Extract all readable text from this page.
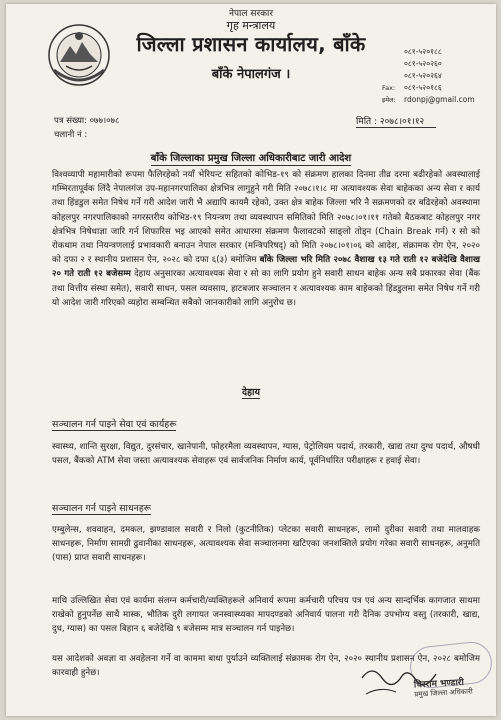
नेपाल सरकार
गृह मन्त्रालय
जिल्ला प्रशासन कार्यालय, बाँके
बाँके नेपालगंज ।
०८१-५२०१८८
०८१-५२०२६०
०८१-५२०२६४
Fax:	०८१-५२०१८६
इमेल:	rdonpj@gmail.com
पत्र संख्या: ०७७।०७८
चलानी नं :
मिति : २०७८।०१।१२
बाँके जिल्लाका प्रमुख जिल्ला अधिकारीबाट जारी आदेश
विश्वव्यापी महामारीको रूपमा फैलिरहेको नयाँ भेरियन्ट सहितको कोभिड-१९ को संक्रमण हालका दिनमा तीव्र दरमा बढीरहेको अवस्थालाई गम्भिरतापूर्वक लिंदै नेपालगंज उप-महानगरपालिका क्षेत्रभित्र लागुहुने गरी मिति २०७८।१।८ मा अत्यावश्यक सेवा बाहेकका अन्य सेवा र कार्य तथा हिंडडुल समेत निषेध गर्ने गरी आदेश जारी भै अद्यापि कायमै रहेको, उक्त क्षेत्र बाहेक जिल्ला भरि नै सक्रमणको दर बढिरहेको अवस्थामा कोहलपुर नगरपालिकाको नगरस्तरीय कोभिड-१९ नियन्त्रण तथा व्यवस्थापन समितिको मिति २०७८।०१।११ गतेको बैठकबाट कोहलपुर नगर क्षेत्रभित्र निषेधाज्ञा जारि गर्न शिफारिस भइ आएको समेत आधारमा संक्रमण फैलावटको साङ्लो तोड्न (Chain Break गर्न) र सो को रोकथाम तथा नियन्त्रणलाई प्रभावकारी बनाउन नेपाल सरकार (मन्त्रिपरिषद्) को मिति २०७८।०१।०६ को आदेश, संक्रामक रोग ऐन, २०२० को दफा २ र स्थानीय प्रशासन ऐन, २०२८ को दफा ६(३) बमोजिम बाँके जिल्ला भरि मिति २०७८ वैशाख १३ गते राती १२ बजेदेखि वैशाख २० गते राती १२ बजेसम्म देहाय अनुसारका अत्यावश्यक सेवा र सो का लागि प्रयोग हुने सवारी साधन बाहेक अन्य सबै प्रकारका सेवा (बैंक तथा वित्तीय संस्था समेत), सवारी साधन, पसल व्यवसाय, हाटबजार सञ्चालन र अत्यावश्यक काम बाहेकको हिंडडुलमा समेत निषेध गर्ने गरी यो आदेश जारी गरिएको व्यहोरा सम्बन्धित सबैको जानकारीको लागि अनुरोध छ।
देहाय
सञ्चालन गर्न पाइने सेवा एवं कार्यहरू
स्वास्थ्य, शान्ति सुरक्षा, विद्युत, दुरसंचार, खानेपानी, फोहरमैला व्यवस्थापन, ग्यास, पेट्रोलियम पदार्थ, तरकारी, खाद्य तथा दुग्ध पदार्थ, औषधी पसल, बैंकको ATM सेवा जस्ता अत्यावश्यक सेवाहरू एवं सार्वजनिक निर्माण कार्य, पूर्वनिर्धारित परीक्षाहरू र हवाई सेवा।
सञ्चालन गर्न पाइने साधनहरू
एम्बुलेन्स, शववाहन, दमकल, झण्डावाल सवारी र निलो (कुटनीतिक) प्लेटका सवारी साधनहरू, लामो दुरीका सवारी तथा मालवाहक साधनहरू, निर्माण सामग्री ढुवानीका साधनहरू, अत्यावश्यक सेवा सञ्चालनमा खटिएका जनशक्तिले प्रयोग गरेका सवारी साधनहरू, अनुमति (पास) प्राप्त सवारी साधनहरू।
माथि उल्लिखित सेवा एवं कार्यमा संलग्न कर्मचारी/व्यक्तिहरूले अनिवार्य रूपमा कर्मचारी परिचय पत्र एवं अन्य सान्दर्भिक कागजात साथमा राखेको हुनुपर्नेछ साथै मास्क, भौतिक दुरी लगायत जनस्वास्थ्यका मापदण्डको अनिवार्य पालना गरी दैनिक उपभोग्य वस्तु (तरकारी, खाद्य, दुध, ग्यास) का पसल बिहान ६ बजेदेखि ९ बजेसम्म मात्र सञ्चालन गर्न पाइनेछ।
यस आदेशको अवज्ञा वा अवहेलना गर्ने वा काममा बाधा पुर्याउने व्यक्तिलाई संक्रामक रोग ऐन, २०२० स्थानीय प्रशासन ऐन, २०२८ बमोजिम कारवाही हुनेछ।
चिरराम भण्डारी
प्रमुख जिल्ला अधिकारी
